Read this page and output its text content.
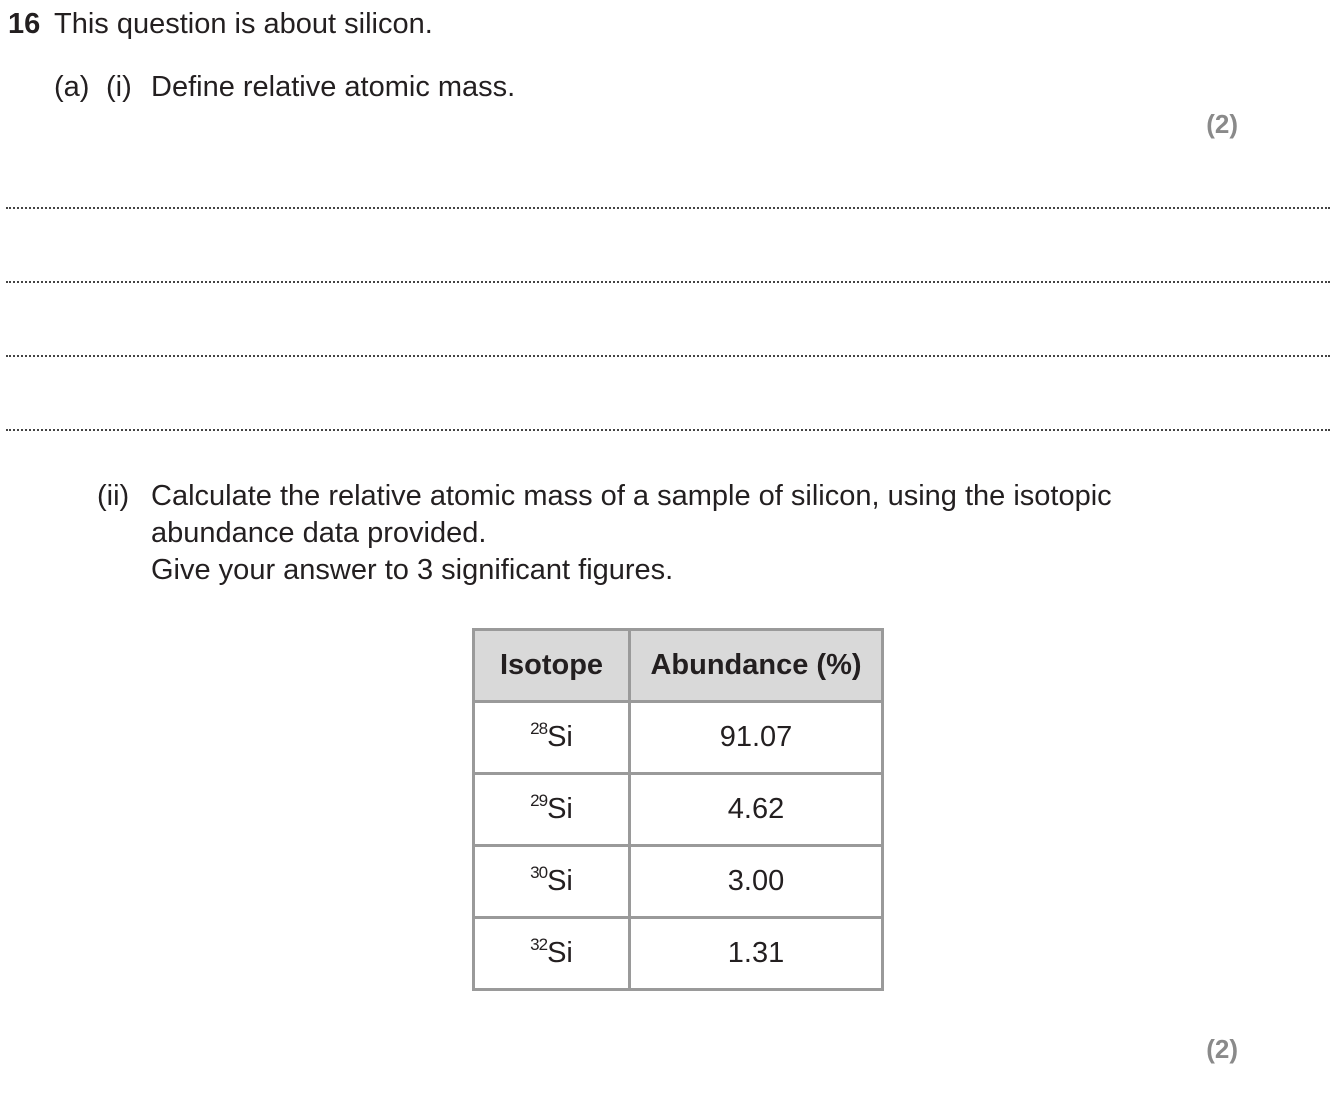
16 This question is about silicon.
(a) (i) Define relative atomic mass.
(2)
(ii) Calculate the relative atomic mass of a sample of silicon, using the isotopic
abundance data provided.
Give your answer to 3 significant figures.
Isotope	Abundance (%)
$^{28}$Si	91.07
$^{29}$Si	4.62
$^{30}$Si	3.00
$^{32}$Si	1.31
(2)
